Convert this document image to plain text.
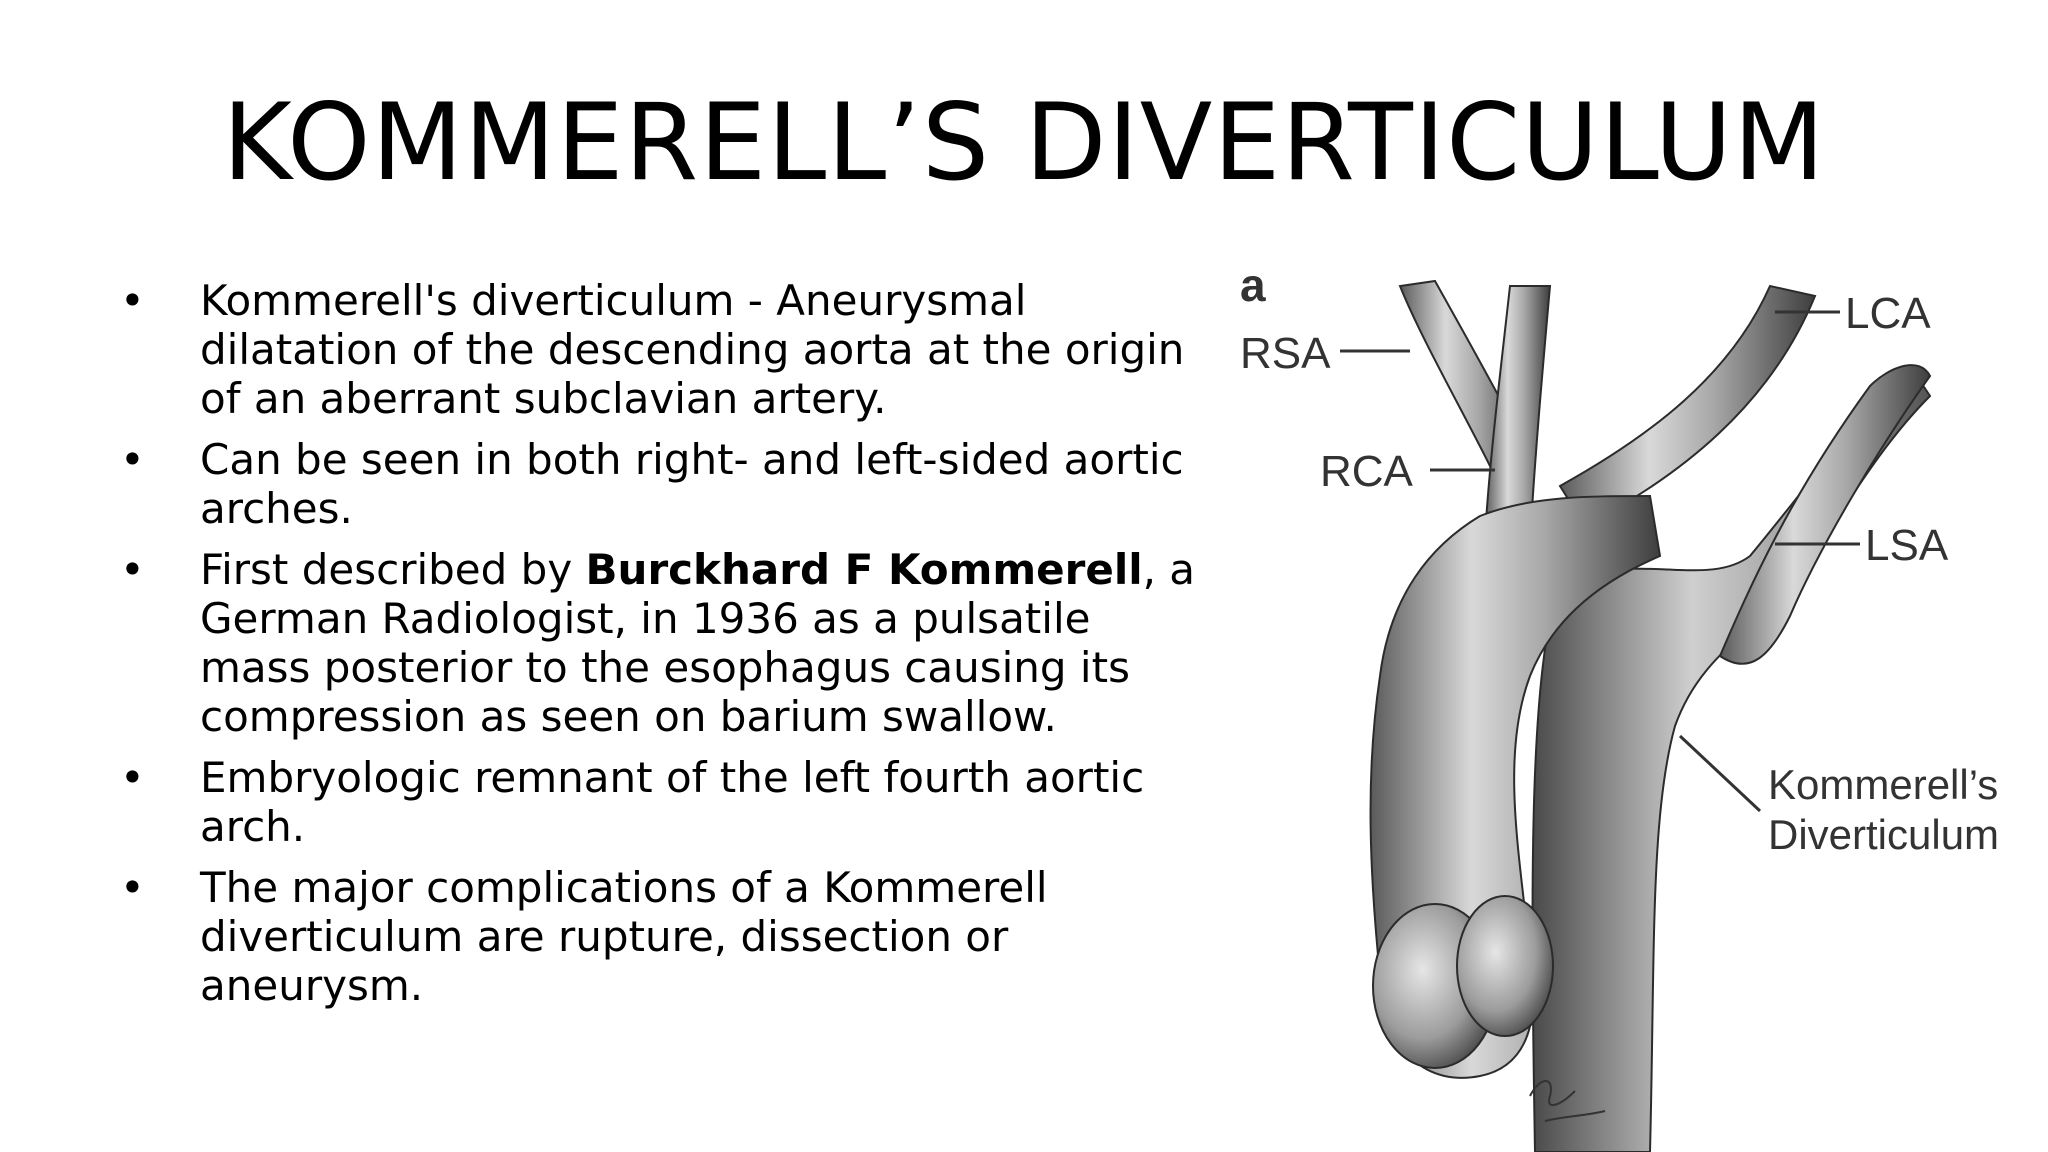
KOMMERELL’S DIVERTICULUM
• Kommerell's diverticulum - Aneurysmal dilatation of the descending aorta at the origin of an aberrant subclavian artery.
• Can be seen in both right- and left-sided aortic arches.
• First described by Burckhard F Kommerell, a German Radiologist, in 1936 as a pulsatile mass posterior to the esophagus causing its compression as seen on barium swallow.
• Embryologic remnant of the left fourth aortic arch.
• The major complications of a Kommerell diverticulum are rupture, dissection or aneurysm.
a
RSA
RCA
LCA
LSA
Kommerell’s
Diverticulum
